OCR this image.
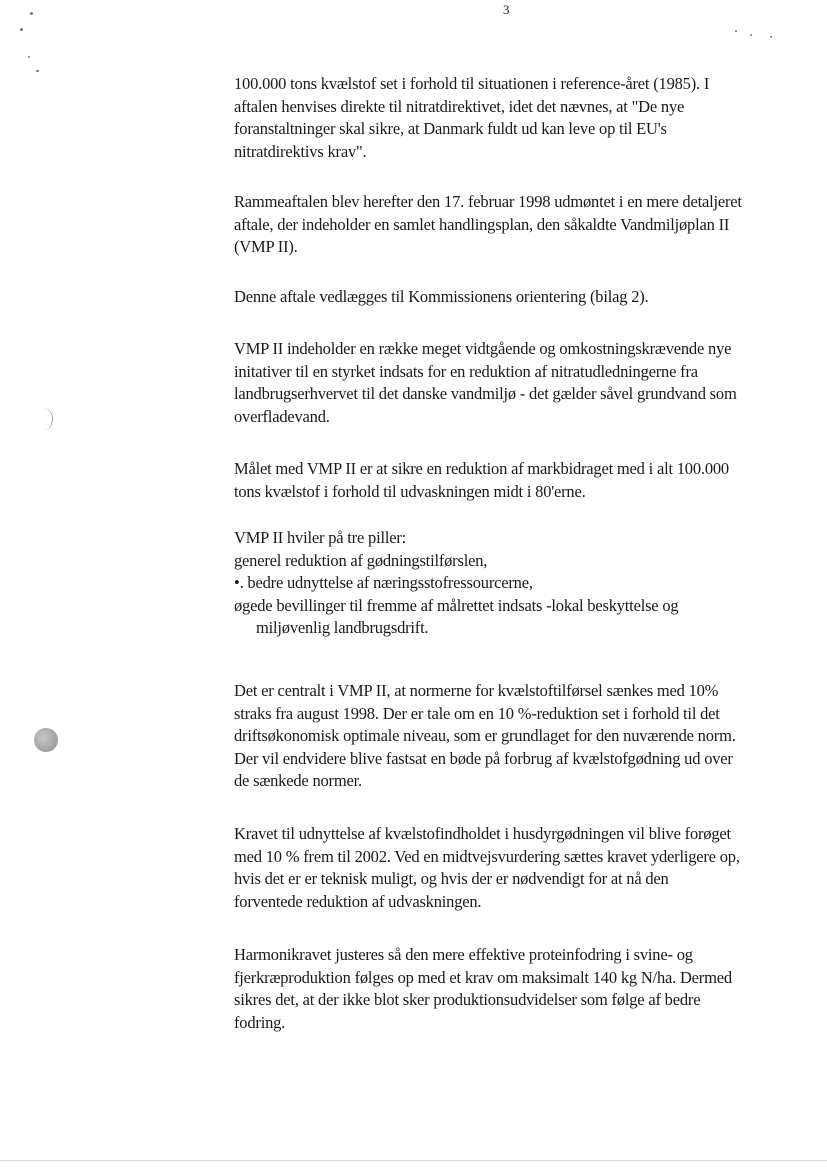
3

100.000 tons kvælstof set i forhold til situationen i reference-året (1985). I
aftalen henvises direkte til nitratdirektivet, idet det nævnes, at "De nye
foranstaltninger skal sikre, at Danmark fuldt ud kan leve op til EU's
nitratdirektivs krav".

Rammeaftalen blev herefter den 17. februar 1998 udmøntet i en mere detaljeret
aftale, der indeholder en samlet handlingsplan, den såkaldte Vandmiljøplan II
(VMP II).

Denne aftale vedlægges til Kommissionens orientering (bilag 2).

VMP II indeholder en række meget vidtgående og omkostningskrævende nye
initativer til en styrket indsats for en reduktion af nitratudledningerne fra
landbrugserhvervet til det danske vandmiljø - det gælder såvel grundvand som
overfladevand.

Målet med VMP II er at sikre en reduktion af markbidraget med i alt 100.000
tons kvælstof i forhold til udvaskningen midt i 80'erne.

VMP II hviler på tre piller:
generel reduktion af gødningstilførslen,
•. bedre udnyttelse af næringsstofressourcerne,
øgede bevillinger til fremme af målrettet indsats -lokal beskyttelse og
miljøvenlig landbrugsdrift.

Det er centralt i VMP II, at normerne for kvælstoftilførsel sænkes med 10%
straks fra august 1998. Der er tale om en 10 %-reduktion set i forhold til det
driftsøkonomisk optimale niveau, som er grundlaget for den nuværende norm.
Der vil endvidere blive fastsat en bøde på forbrug af kvælstofgødning ud over
de sænkede normer.

Kravet til udnyttelse af kvælstofindholdet i husdyrgødningen vil blive forøget
med 10 % frem til 2002. Ved en midtvejsvurdering sættes kravet yderligere op,
hvis det er er teknisk muligt, og hvis der er nødvendigt for at nå den
forventede reduktion af udvaskningen.

Harmonikravet justeres så den mere effektive proteinfodring i svine- og
fjerkræproduktion følges op med et krav om maksimalt 140 kg N/ha. Dermed
sikres det, at der ikke blot sker produktionsudvidelser som følge af bedre
fodring.
